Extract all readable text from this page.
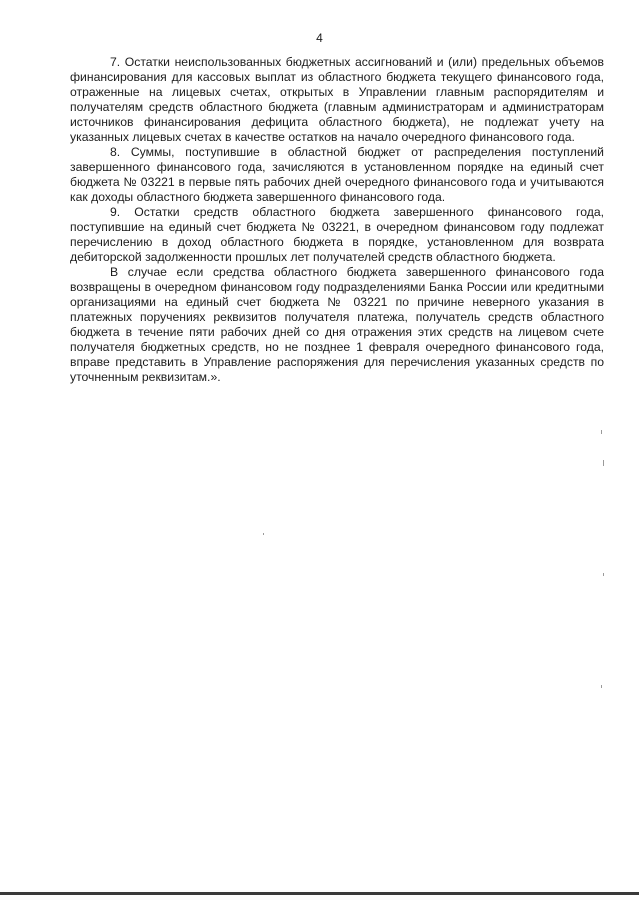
4

7. Остатки неиспользованных бюджетных ассигнований и (или) предельных объемов финансирования для кассовых выплат из областного бюджета текущего финансового года, отраженные на лицевых счетах, открытых в Управлении главным распорядителям и получателям средств областного бюджета (главным администраторам и администраторам источников финансирования дефицита областного бюджета), не подлежат учету на указанных лицевых счетах в качестве остатков на начало очередного финансового года.

8. Суммы, поступившие в областной бюджет от распределения поступлений завершенного финансового года, зачисляются в установленном порядке на единый счет бюджета № 03221 в первые пять рабочих дней очередного финансового года и учитываются как доходы областного бюджета завершенного финансового года.

9. Остатки средств областного бюджета завершенного финансового года, поступившие на единый счет бюджета № 03221, в очередном финансовом году подлежат перечислению в доход областного бюджета в порядке, установленном для возврата дебиторской задолженности прошлых лет получателей средств областного бюджета.

В случае если средства областного бюджета завершенного финансового года возвращены в очередном финансовом году подразделениями Банка России или кредитными организациями на единый счет бюджета № 03221 по причине неверного указания в платежных поручениях реквизитов получателя платежа, получатель средств областного бюджета в течение пяти рабочих дней со дня отражения этих средств на лицевом счете получателя бюджетных средств, но не позднее 1 февраля очередного финансового года, вправе представить в Управление распоряжения для перечисления указанных средств по уточненным реквизитам.».
